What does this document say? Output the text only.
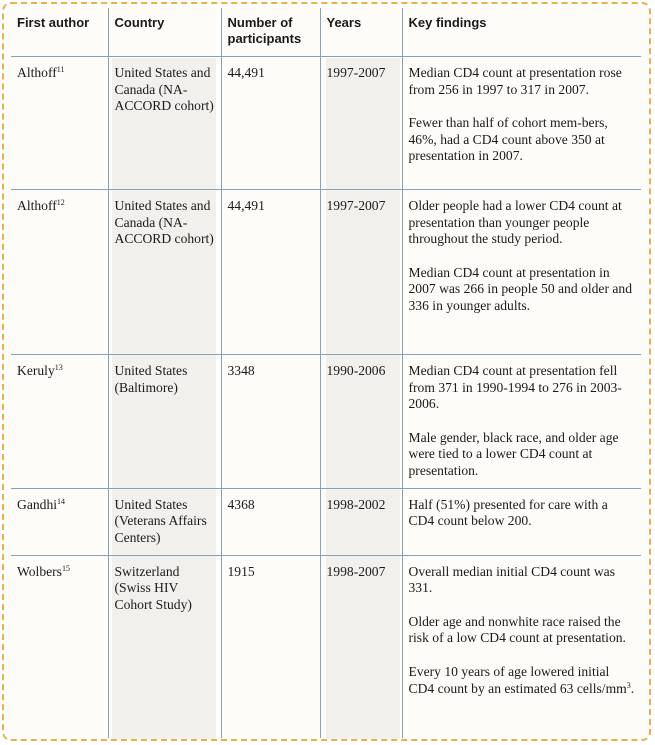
First author	Country	Number of participants	Years	Key findings
Althoff$^{11}$	United States and Canada (NA-ACCORD cohort)	44,491	1997-2007	Median CD4 count at presentation rose from 256 in 1997 to 317 in 2007.
Fewer than half of cohort mem-bers, 46%, had a CD4 count above 350 at presentation in 2007.

Althoff$^{12}$	United States and Canada (NA-ACCORD cohort)	44,491	1997-2007	Older people had a lower CD4 count at presentation than younger people throughout the study period.
Median CD4 count at presentation in 2007 was 266 in people 50 and older and 336 in younger adults.

Keruly$^{13}$	United States (Baltimore)	3348	1990-2006	Median CD4 count at presentation fell from 371 in 1990-1994 to 276 in 2003-2006.
Male gender, black race, and older age were tied to a lower CD4 count at presentation.

Gandhi$^{14}$	United States (Veterans Affairs Centers)	4368	1998-2002	Half (51%) presented for care with a CD4 count below 200.

Wolbers$^{15}$	Switzerland (Swiss HIV Cohort Study)	1915	1998-2007	Overall median initial CD4 count was 331.
Older age and nonwhite race raised the risk of a low CD4 count at presentation.
Every 10 years of age lowered initial CD4 count by an estimated 63 cells/$mm^3$.
